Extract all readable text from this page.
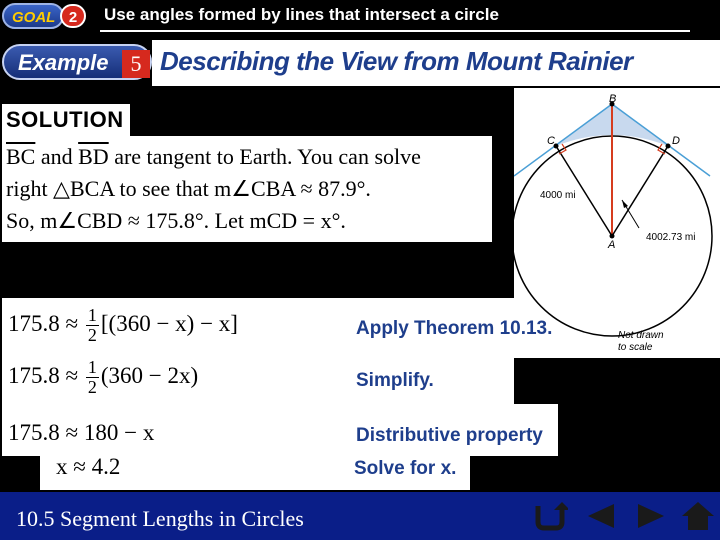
GOAL 2	Use angles formed by lines that intersect a circle
Example	5 Describing the View from Mount Rainier
SOLUTION
$\overline{BC}$ and $\overline{BD}$ are tangent to Earth. You can solve
right △BCA to see that m∠CBA ≈ 87.9°.
So, m∠CBD ≈ 175.8°. Let mCD = x°.
B
C	D
A
4000 mi
4002.73 mi
Not drawn
to scale
$175.8 \approx \frac{1}{2} [(360 - x) - x]$	Apply Theorem 10.13.
$175.8 \approx \frac{1}{2} (360 - 2x)$	Simplify.
175.8 ≈ 180 − x	Distributive property
x ≈ 4.2	Solve for x.
10.5 Segment Lengths in Circles
